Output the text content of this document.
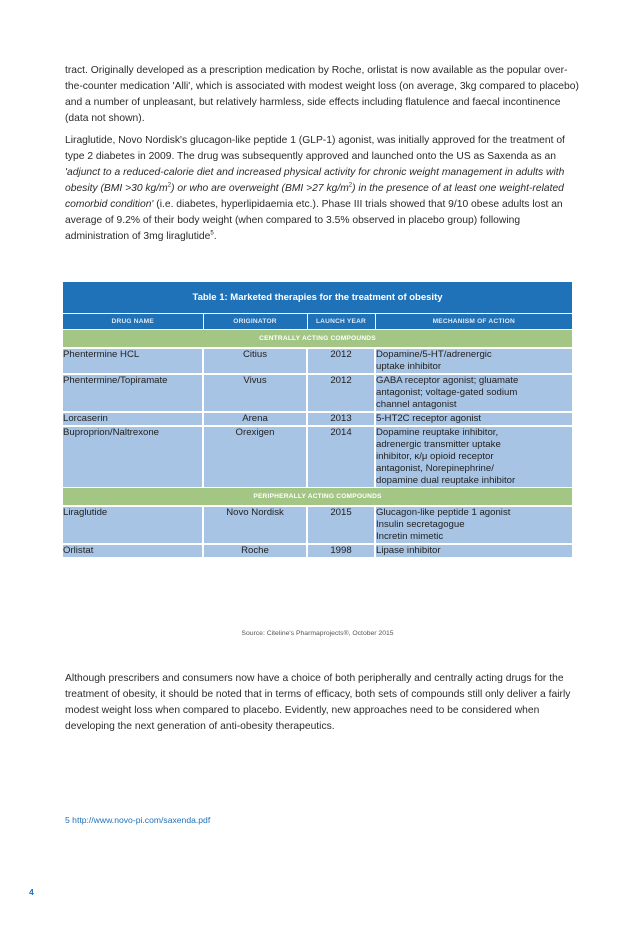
tract. Originally developed as a prescription medication by Roche, orlistat is now available as the popular over-the-counter medication 'Alli', which is associated with modest weight loss (on average, 3kg compared to placebo) and a number of unpleasant, but relatively harmless, side effects including flatulence and faecal incontinence (data not shown).

Liraglutide, Novo Nordisk's glucagon-like peptide 1 (GLP-1) agonist, was initially approved for the treatment of type 2 diabetes in 2009. The drug was subsequently approved and launched onto the US as Saxenda as an 'adjunct to a reduced-calorie diet and increased physical activity for chronic weight management in adults with obesity (BMI >30 $kg/m^2$) or who are overweight (BMI >27 $kg/m^2$) in the presence of at least one weight-related comorbid condition' (i.e. diabetes, hyperlipidaemia etc.). Phase III trials showed that 9/10 obese adults lost an average of 9.2% of their body weight (when compared to 3.5% observed in placebo group) following administration of 3mg liraglutide$^5$.

Table 1: Marketed therapies for the treatment of obesity			
DRUG NAME	ORIGINATOR	LAUNCH YEAR	MECHANISM OF ACTION
CENTRALLY ACTING COMPOUNDS			
Phentermine HCL	Citius	2012	Dopamine/5-HT/adrenergic
uptake inhibitor

Phentermine/Topiramate	Vivus	2012	GABA receptor agonist; gluamate
antagonist; voltage-gated sodium
channel antagonist

Lorcaserin	Arena	2013	5-HT2C receptor agonist

Buproprion/Naltrexone	Orexigen	2014	Dopamine reuptake inhibitor,
adrenergic transmitter uptake
inhibitor, κ/μ opioid receptor
antagonist, Norepinephrine/
dopamine dual reuptake inhibitor

PERIPHERALLY ACTING COMPOUNDS			
Liraglutide	Novo Nordisk	2015	Glucagon-like peptide 1 agonist
Insulin secretagogue
Incretin mimetic

Orlistat	Roche	1998	Lipase inhibitor
Source: Citeline's Pharmaprojects®, October 2015

Although prescribers and consumers now have a choice of both peripherally and centrally acting drugs for the treatment of obesity, it should be noted that in terms of efficacy, both sets of compounds still only deliver a fairly modest weight loss when compared to placebo. Evidently, new approaches need to be considered when developing the next generation of anti-obesity therapeutics.

5 http://www.novo-pi.com/saxenda.pdf
4
